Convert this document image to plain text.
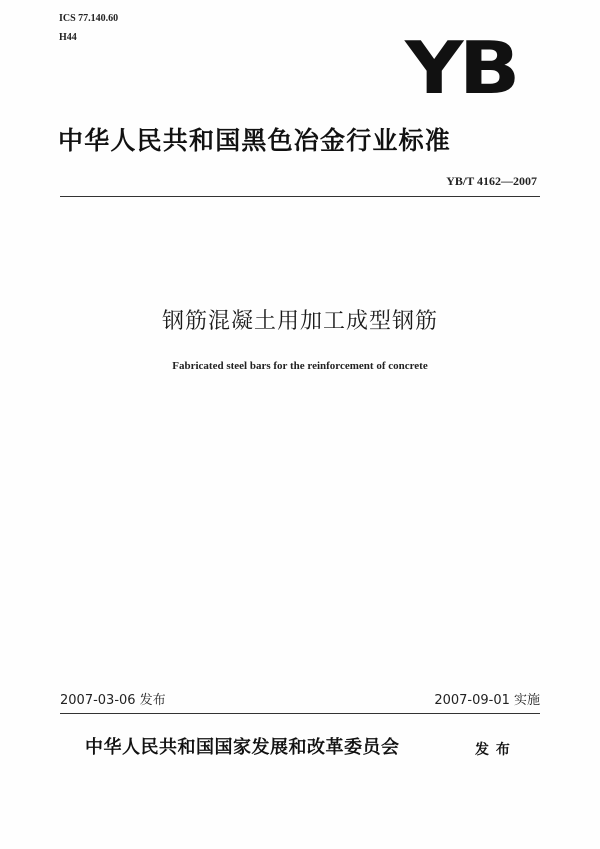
ICS 77.140.60
H44	YB
中华人民共和国黑色冶金行业标准
YB/T 4162—2007
钢筋混凝土用加工成型钢筋
Fabricated steel bars for the reinforcement of concrete
2007-03-06 发布	2007-09-01 实施
中华人民共和国国家发展和改革委员会	发 布
